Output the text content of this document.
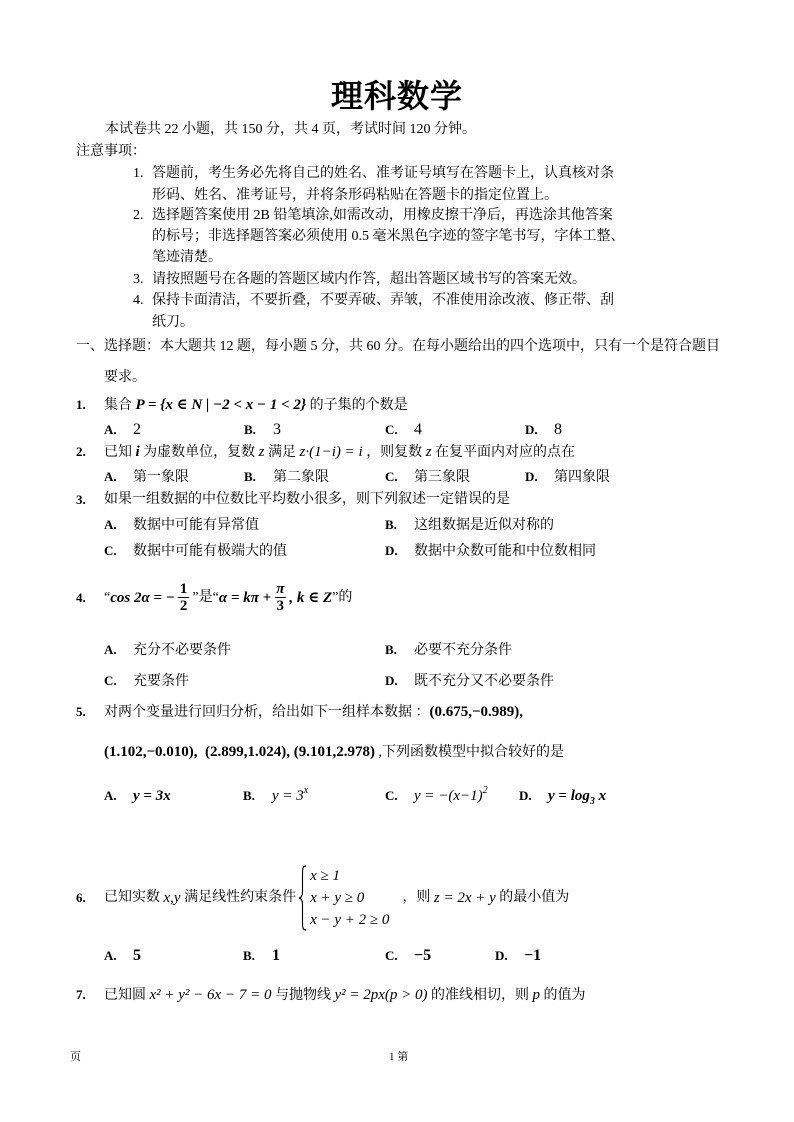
理科数学
本试卷共 22 小题，共 150 分，共 4 页，考试时间 120 分钟。
注意事项：
1. 答题前，考生务必先将自己的姓名、准考证号填写在答题卡上，认真核对条
形码、姓名、准考证号，并将条形码粘贴在答题卡的指定位置上。
2. 选择题答案使用 2B 铅笔填涂,如需改动，用橡皮擦干净后，再选涂其他答案
的标号；非选择题答案必须使用 0.5 毫米黑色字迹的签字笔书写，字体工整、
笔迹清楚。
3. 请按照题号在各题的答题区域内作答，超出答题区域书写的答案无效。
4. 保持卡面清洁，不要折叠，不要弄破、弄皱，不准使用涂改液、修正带、刮
纸刀。
一、选择题：本大题共 12 题，每小题 5 分，共 60 分。在每小题给出的四个选项中，只有一个是符合题目
要求。
1. 集合 P = {x ∈ N | −2 < x − 1 < 2} 的子集的个数是
A.	2	B.	3	C.	4	D.	8
2. 已知 i 为虚数单位，复数 z 满足 z·(1−i) = i ，则复数 z 在复平面内对应的点在
A.	第一象限	B.	第二象限	C.	第三象限	D.	第四象限
3. 如果一组数据的中位数比平均数小很多，则下列叙述一定错误的是
A.	数据中可能有异常值	B.	这组数据是近似对称的
C.	数据中可能有极端大的值	D.	数据中众数可能和中位数相同
4. “ cos 2α = − $\frac{1}{2}$ ”是“ $\alpha = k\pi + \frac{\pi}{3}$ , k ∈ Z ”的
A.	充分不必要条件	B.	必要不充分条件
C.	充要条件	D.	既不充分又不必要条件
5. 对两个变量进行回归分析，给出如下一组样本数据 ： (0.675,−0.989),
(1.102,−0.010),  (2.899,1.024), (9.101,2.978) ,下列函数模型中拟合较好的是
A.	y = 3x	B.	$y = 3^x$	C.	$y = -(x-1)^2$ D.	$y = \log_3 x$
6. 已知实数 x,y 满足线性约束条件
x ≥ 1
x + y ≥ 0
x − y + 2 ≥ 0
，则 z = 2x + y 的最小值为
A.	5	B.	1	C.	−5	D.	−1
7. 已知圆 x² + y² − 6x − 7 = 0 与抛物线 y² = 2px(p > 0) 的准线相切，则 p 的值为
页	1 第
